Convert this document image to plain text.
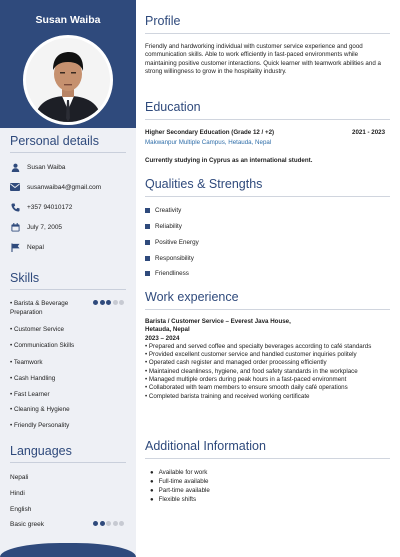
Susan Waiba
Personal details
Susan Waiba
susanwaiba4@gmail.com
+357 94010172
July 7, 2005
Nepal
Skills
• Barista & Beverage
Preparation
• Customer Service
• Communication Skills
• Teamwork
• Cash Handling
• Fast Learner
• Cleaning & Hygiene
• Friendly Personality
Languages
Nepali
Hindi
English
Basic greek
Profile
Friendly and hardworking individual with customer service experience and good communication skills. Able to work efficiently in fast-paced environments while maintaining positive customer interactions. Quick learner with teamwork abilities and a strong willingness to grow in the hospitality industry.
Education
Higher Secondary Education (Grade 12 / +2)	2021 - 2023
Makwanpur Multiple Campus, Hetauda, Nepal
Currently studying in Cyprus as an international student.
Qualities & Strengths
Creativity
Reliability
Positive Energy
Responsibility
Friendliness
Work experience
Barista / Customer Service – Everest Java House,
Hetauda, Nepal
2023 – 2024
• Prepared and served coffee and specialty beverages according to café standards
• Provided excellent customer service and handled customer inquiries politely
• Operated cash register and managed order processing efficiently
• Maintained cleanliness, hygiene, and food safety standards in the workplace
• Managed multiple orders during peak hours in a fast-paced environment
• Collaborated with team members to ensure smooth daily café operations
• Completed barista training and received working certificate
Additional Information
● Available for work
● Full-time available
● Part-time available
● Flexible shifts
